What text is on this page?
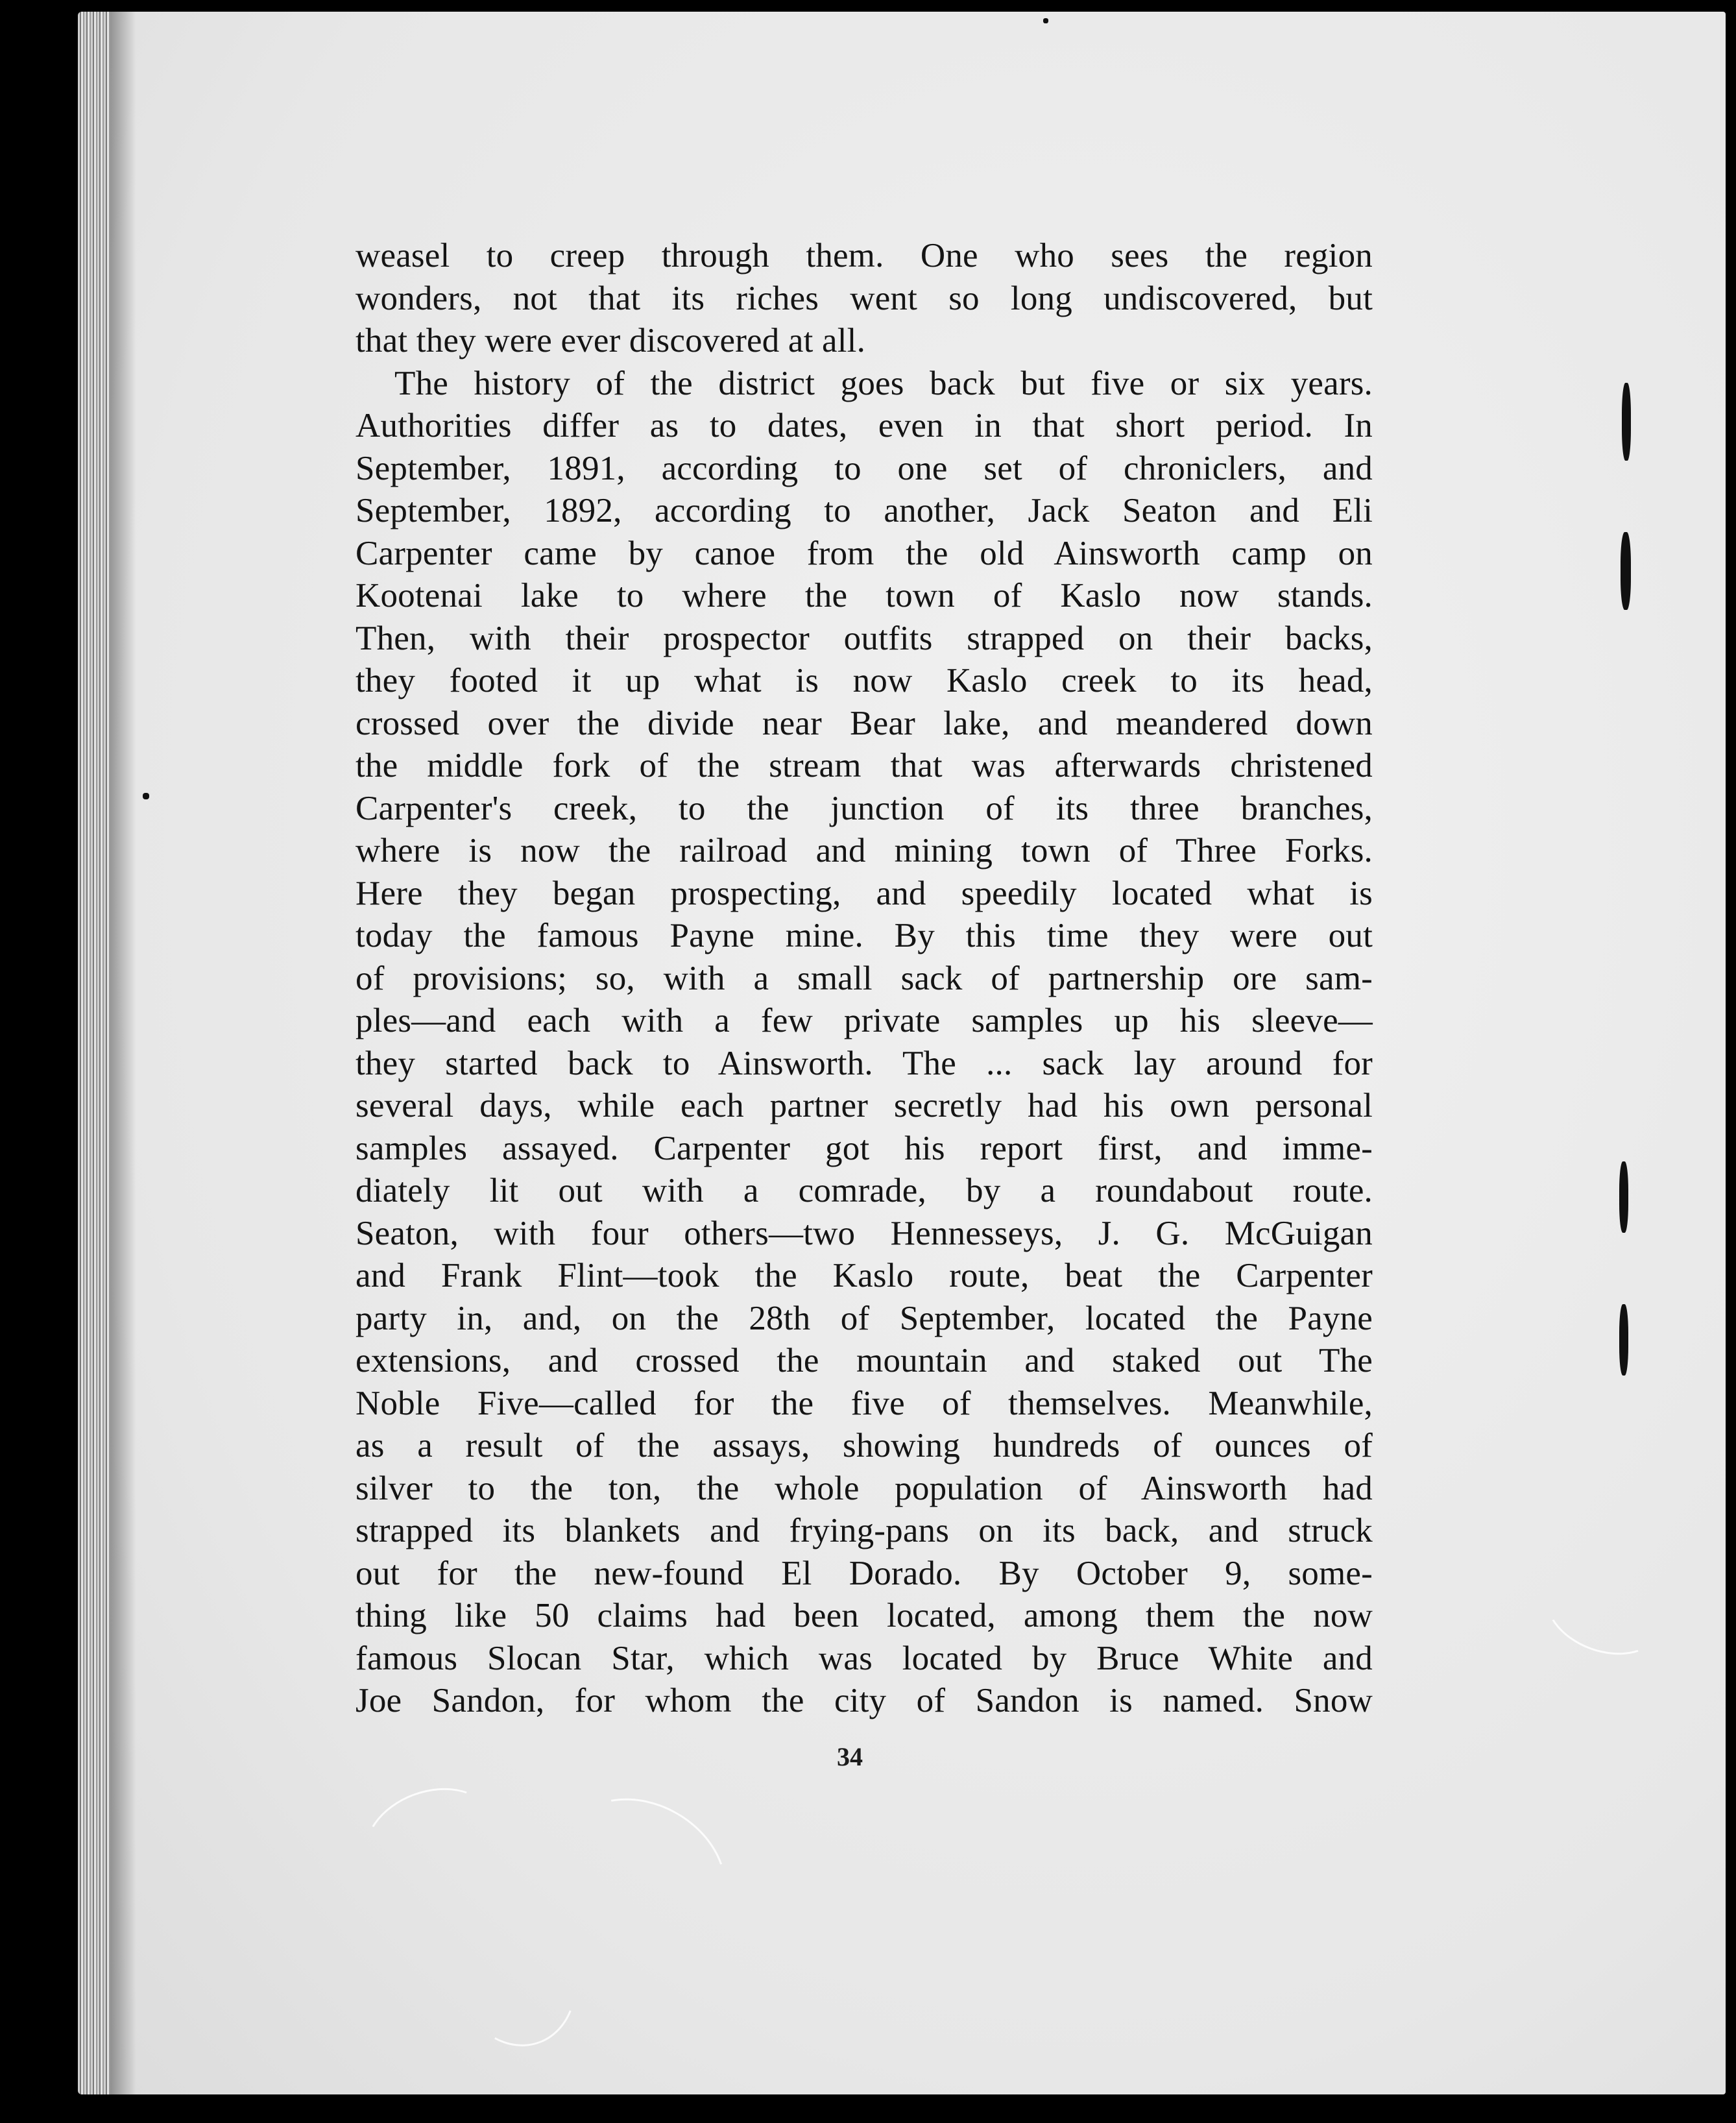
weasel to creep through them. One who sees the region
wonders, not that its riches went so long undiscovered, but
that they were ever discovered at all.
The history of the district goes back but five or six years.
Authorities differ as to dates, even in that short period. In
September, 1891, according to one set of chroniclers, and
September, 1892, according to another, Jack Seaton and Eli
Carpenter came by canoe from the old Ainsworth camp on
Kootenai lake to where the town of Kaslo now stands.
Then, with their prospector outfits strapped on their backs,
they footed it up what is now Kaslo creek to its head,
crossed over the divide near Bear lake, and meandered down
the middle fork of the stream that was afterwards christened
Carpenter's creek, to the junction of its three branches,
where is now the railroad and mining town of Three Forks.
Here they began prospecting, and speedily located what is
today the famous Payne mine. By this time they were out
of provisions; so, with a small sack of partnership ore sam-
ples—and each with a few private samples up his sleeve—
they started back to Ainsworth. The ... sack lay around for
several days, while each partner secretly had his own personal
samples assayed. Carpenter got his report first, and imme-
diately lit out with a comrade, by a roundabout route.
Seaton, with four others—two Hennesseys, J. G. McGuigan
and Frank Flint—took the Kaslo route, beat the Carpenter
party in, and, on the 28th of September, located the Payne
extensions, and crossed the mountain and staked out The
Noble Five—called for the five of themselves. Meanwhile,
as a result of the assays, showing hundreds of ounces of
silver to the ton, the whole population of Ainsworth had
strapped its blankets and frying-pans on its back, and struck
out for the new-found El Dorado. By October 9, some-
thing like 50 claims had been located, among them the now
famous Slocan Star, which was located by Bruce White and
Joe Sandon, for whom the city of Sandon is named. Snow
34
